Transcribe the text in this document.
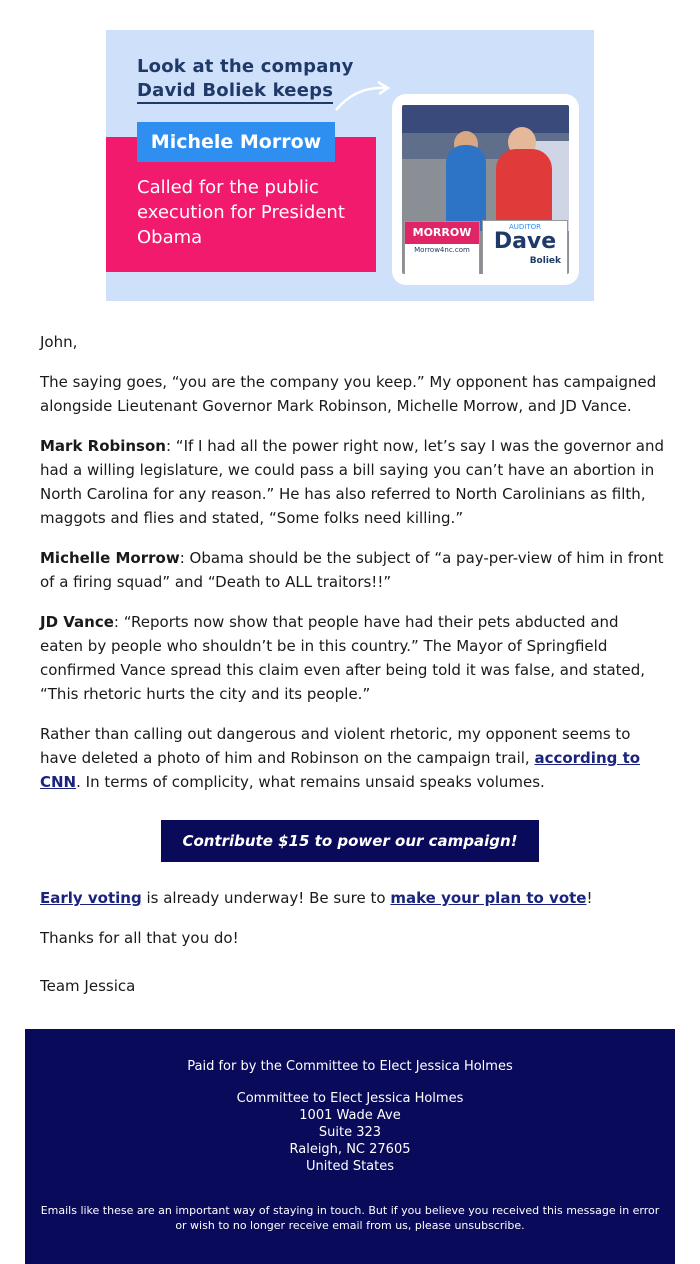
Look at the company
David Boliek keeps
Michele Morrow
Called for the public execution for President Obama	MORROW
Morrow4nc.com
AUDITOR
Dave
Boliek

John,

The saying goes, “you are the company you keep.” My opponent has campaigned alongside Lieutenant Governor Mark Robinson, Michelle Morrow, and JD Vance.

Mark Robinson: “If I had all the power right now, let’s say I was the governor and had a willing legislature, we could pass a bill saying you can’t have an abortion in North Carolina for any reason.” He has also referred to North Carolinians as filth, maggots and flies and stated, “Some folks need killing.”

Michelle Morrow: Obama should be the subject of “a pay-per-view of him in front of a firing squad” and “Death to ALL traitors!!”

JD Vance: “Reports now show that people have had their pets abducted and eaten by people who shouldn’t be in this country.” The Mayor of Springfield confirmed Vance spread this claim even after being told it was false, and stated, “This rhetoric hurts the city and its people.”

Rather than calling out dangerous and violent rhetoric, my opponent seems to have deleted a photo of him and Robinson on the campaign trail, according to CNN. In terms of complicity, what remains unsaid speaks volumes.

Contribute $15 to power our campaign!

Early voting is already underway! Be sure to make your plan to vote!

Thanks for all that you do!

Team Jessica
Paid for by the Committee to Elect Jessica Holmes
Committee to Elect Jessica Holmes
1001 Wade Ave
Suite 323
Raleigh, NC 27605
United States
Emails like these are an important way of staying in touch. But if you believe you received this message in error or wish to no longer receive email from us, please unsubscribe.
